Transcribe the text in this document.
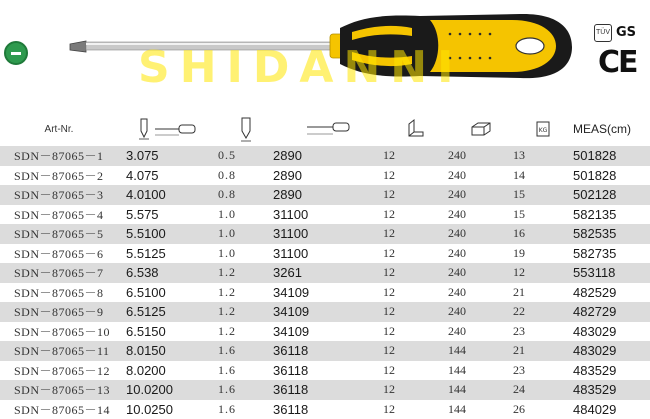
SHIDANNI
TÜV GS
CE
Art-Nr.						KG	MEAS(cm)
SDN－87065－1	3.075	0.5	2890	12	240	13	501828
SDN－87065－2	4.075	0.8	2890	12	240	14	501828
SDN－87065－3	4.0100	0.8	2890	12	240	15	502128
SDN－87065－4	5.575	1.0	31100	12	240	15	582135
SDN－87065－5	5.5100	1.0	31100	12	240	16	582535
SDN－87065－6	5.5125	1.0	31100	12	240	19	582735
SDN－87065－7	6.538	1.2	3261	12	240	12	553118
SDN－87065－8	6.5100	1.2	34109	12	240	21	482529
SDN－87065－9	6.5125	1.2	34109	12	240	22	482729
SDN－87065－10	6.5150	1.2	34109	12	240	23	483029
SDN－87065－11	8.0150	1.6	36118	12	144	21	483029
SDN－87065－12	8.0200	1.6	36118	12	144	23	483529
SDN－87065－13	10.0200	1.6	36118	12	144	24	483529
SDN－87065－14	10.0250	1.6	36118	12	144	26	484029
